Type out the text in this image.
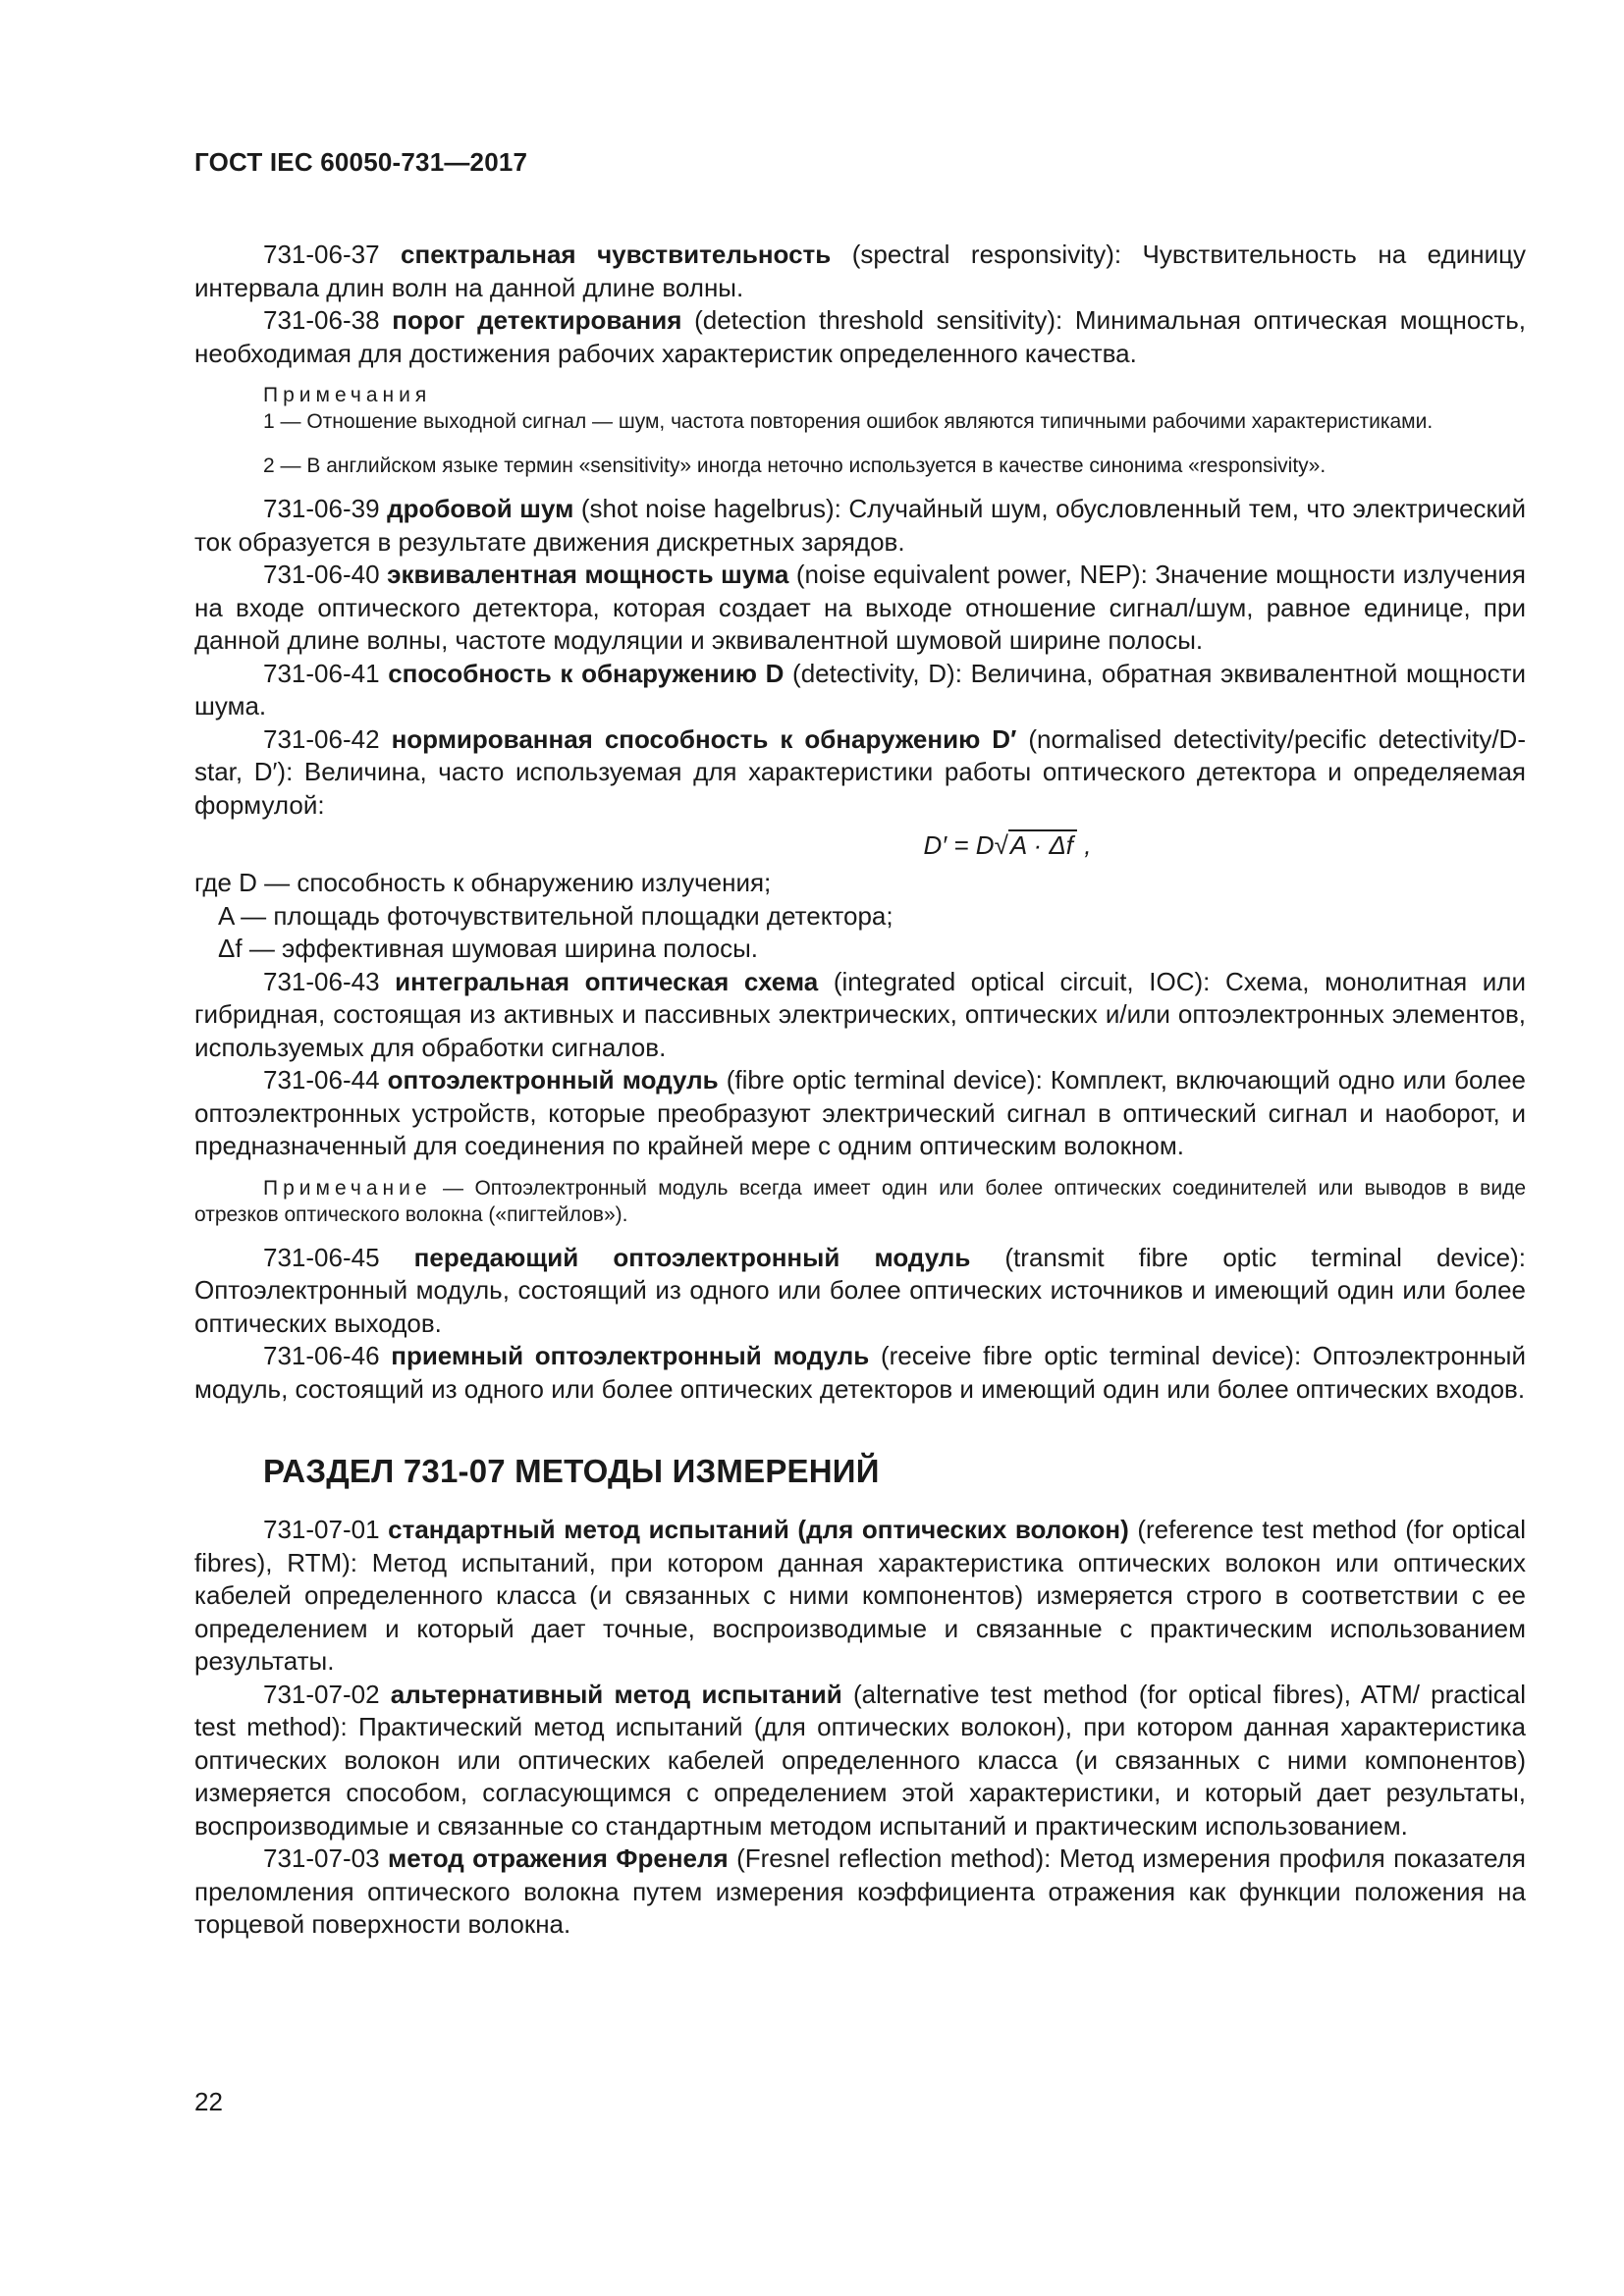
ГОСТ IEC 60050-731—2017

731-06-37 спектральная чувствительность (spectral responsivity): Чувствительность на единицу интервала длин волн на данной длине волны.

731-06-38 порог детектирования (detection threshold sensitivity): Минимальная оптическая мощность, необходимая для достижения рабочих характеристик определенного качества.

Примечания

1 — Отношение выходной сигнал — шум, частота повторения ошибок являются типичными рабочими характеристиками.

2 — В английском языке термин «sensitivity» иногда неточно используется в качестве синонима «responsivity».

731-06-39 дробовой шум (shot noise hagelbrus): Случайный шум, обусловленный тем, что электрический ток образуется в результате движения дискретных зарядов.

731-06-40 эквивалентная мощность шума (noise equivalent power, NEP): Значение мощности излучения на входе оптического детектора, которая создает на выходе отношение сигнал/шум, равное единице, при данной длине волны, частоте модуляции и эквивалентной шумовой ширине полосы.

731-06-41 способность к обнаружению D (detectivity, D): Величина, обратная эквивалентной мощности шума.

731-06-42 нормированная способность к обнаружению D′ (normalised detectivity/pecific detectivity/D-star, D′): Величина, часто используемая для характеристики работы оптического детектора и определяемая формулой:

D′ = D√A · Δf ,

где D — способность к обнаружению излучения;

A — площадь фоточувствительной площадки детектора;

Δf — эффективная шумовая ширина полосы.

731-06-43 интегральная оптическая схема (integrated optical circuit, IOC): Схема, монолитная или гибридная, состоящая из активных и пассивных электрических, оптических и/или оптоэлектронных элементов, используемых для обработки сигналов.

731-06-44 оптоэлектронный модуль (fibre optic terminal device): Комплект, включающий одно или более оптоэлектронных устройств, которые преобразуют электрический сигнал в оптический сигнал и наоборот, и предназначенный для соединения по крайней мере с одним оптическим волокном.

Примечание — Оптоэлектронный модуль всегда имеет один или более оптических соединителей или выводов в виде отрезков оптического волокна («пигтейлов»).

731-06-45 передающий оптоэлектронный модуль (transmit fibre optic terminal device): Оптоэлектронный модуль, состоящий из одного или более оптических источников и имеющий один или более оптических выходов.

731-06-46 приемный оптоэлектронный модуль (receive fibre optic terminal device): Оптоэлектронный модуль, состоящий из одного или более оптических детекторов и имеющий один или более оптических входов.

РАЗДЕЛ 731-07 МЕТОДЫ ИЗМЕРЕНИЙ

731-07-01 стандартный метод испытаний (для оптических волокон) (reference test method (for optical fibres), RTM): Метод испытаний, при котором данная характеристика оптических волокон или оптических кабелей определенного класса (и связанных с ними компонентов) измеряется строго в соответствии с ее определением и который дает точные, воспроизводимые и связанные с практическим использованием результаты.

731-07-02 альтернативный метод испытаний (alternative test method (for optical fibres), ATM/ practical test method): Практический метод испытаний (для оптических волокон), при котором данная характеристика оптических волокон или оптических кабелей определенного класса (и связанных с ними компонентов) измеряется способом, согласующимся с определением этой характеристики, и который дает результаты, воспроизводимые и связанные со стандартным методом испытаний и практическим использованием.

731-07-03 метод отражения Френеля (Fresnel reflection method): Метод измерения профиля показателя преломления оптического волокна путем измерения коэффициента отражения как функции положения на торцевой поверхности волокна.

22
